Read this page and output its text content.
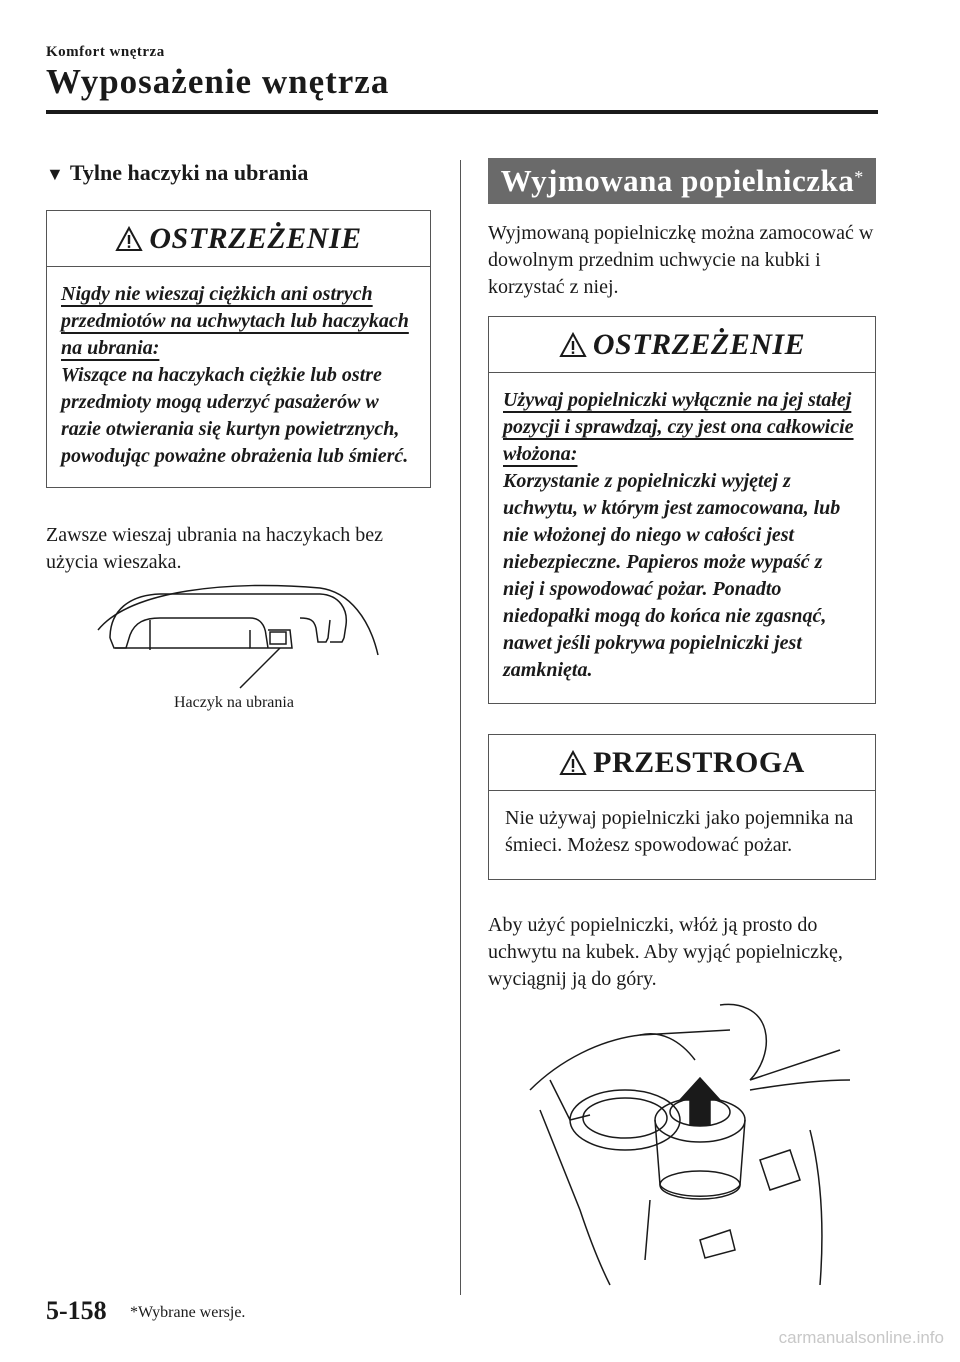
Komfort wnętrza
Wyposażenie wnętrza
▼ Tylne haczyki na ubrania
OSTRZEŻENIE
Nigdy nie wieszaj ciężkich ani ostrych przedmiotów na uchwytach lub haczykach na ubrania:
Wiszące na haczykach ciężkie lub ostre przedmioty mogą uderzyć pasażerów w razie otwierania się kurtyn powietrznych, powodując poważne obrażenia lub śmierć.
Zawsze wieszaj ubrania na haczykach bez użycia wieszaka.
Haczyk na ubrania
Wyjmowana popielniczka*
Wyjmowaną popielniczkę można zamocować w dowolnym przednim uchwycie na kubki i korzystać z niej.
OSTRZEŻENIE
Używaj popielniczki wyłącznie na jej stałej pozycji i sprawdzaj, czy jest ona całkowicie włożona:
Korzystanie z popielniczki wyjętej z uchwytu, w którym jest zamocowana, lub nie włożonej do niego w całości jest niebezpieczne. Papieros może wypaść z niej i spowodować pożar. Ponadto niedopałki mogą do końca nie zgasnąć, nawet jeśli pokrywa popielniczki jest zamknięta.
PRZESTROGA
Nie używaj popielniczki jako pojemnika na śmieci. Możesz spowodować pożar.
Aby użyć popielniczki, włóż ją prosto do uchwytu na kubek. Aby wyjąć popielniczkę, wyciągnij ją do góry.
5-158 *Wybrane wersje.
carmanualsonline.info
